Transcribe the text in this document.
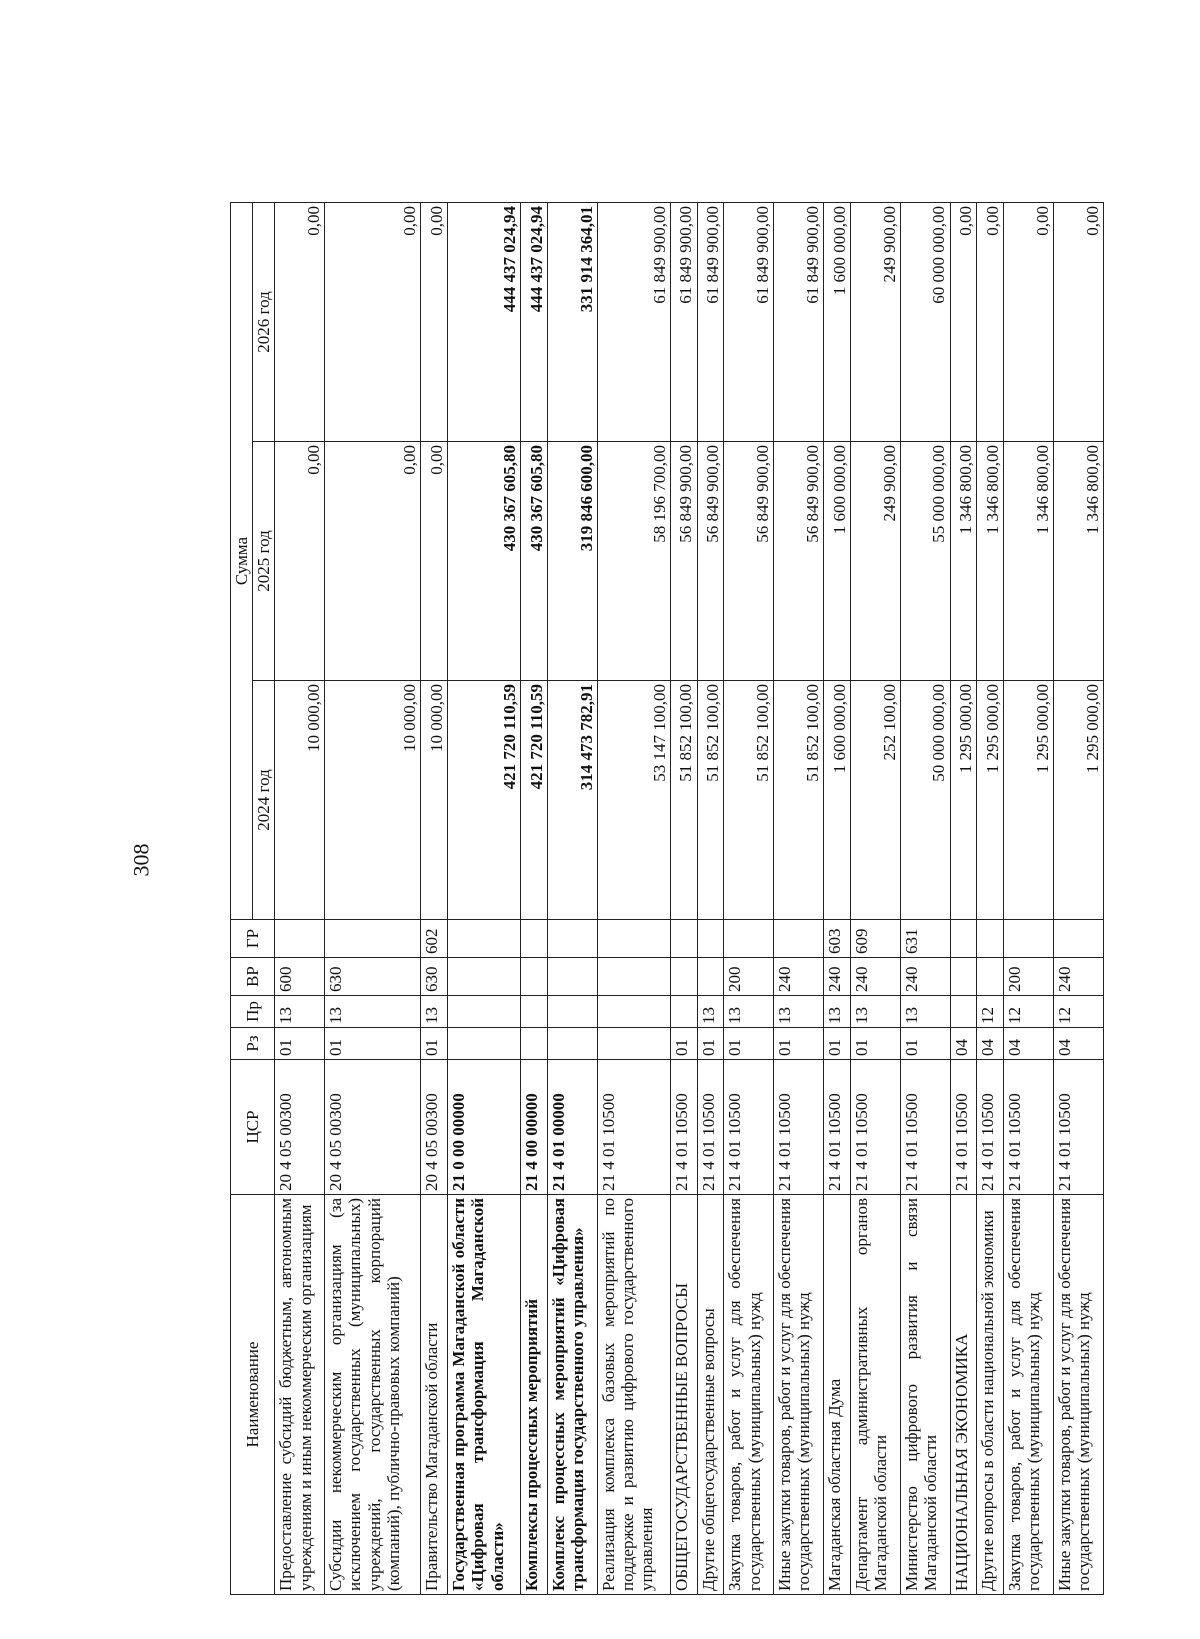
308
Наименование	ЦСР	Рз	Пр	ВР	ГР	Сумма		
						2024 год	2025 год	2026 год
Предоставление субсидий бюджетным, автономным учреждениям и иным некоммерческим организациям	20 4 05 00300	01	13	600		10 000,00	0,00	0,00
Субсидии некоммерческим организациям (за исключением государственных (муниципальных) учреждений, государственных корпораций (компаний), публично-правовых компаний)	20 4 05 00300	01	13	630		10 000,00	0,00	0,00
Правительство Магаданской области	20 4 05 00300	01	13	630	602	10 000,00	0,00	0,00
Государственная программа Магаданской области «Цифровая трансформация Магаданской области»	21 0 00 00000					421 720 110,59	430 367 605,80	444 437 024,94
Комплексы процессных мероприятий	21 4 00 00000					421 720 110,59	430 367 605,80	444 437 024,94
Комплекс процессных мероприятий «Цифровая трансформация государственного управления»	21 4 01 00000					314 473 782,91	319 846 600,00	331 914 364,01
Реализация комплекса базовых мероприятий по поддержке и развитию цифрового государственного управления	21 4 01 10500					53 147 100,00	58 196 700,00	61 849 900,00
ОБЩЕГОСУДАРСТВЕННЫЕ ВОПРОСЫ	21 4 01 10500	01				51 852 100,00	56 849 900,00	61 849 900,00
Другие общегосударственные вопросы	21 4 01 10500	01	13			51 852 100,00	56 849 900,00	61 849 900,00
Закупка товаров, работ и услуг для обеспечения государственных (муниципальных) нужд	21 4 01 10500	01	13	200		51 852 100,00	56 849 900,00	61 849 900,00
Иные закупки товаров, работ и услуг для обеспечения государственных (муниципальных) нужд	21 4 01 10500	01	13	240		51 852 100,00	56 849 900,00	61 849 900,00
Магаданская областная Дума	21 4 01 10500	01	13	240	603	1 600 000,00	1 600 000,00	1 600 000,00
Департамент административных органов Магаданской области	21 4 01 10500	01	13	240	609	252 100,00	249 900,00	249 900,00
Министерство цифрового развития и связи Магаданской области	21 4 01 10500	01	13	240	631	50 000 000,00	55 000 000,00	60 000 000,00
НАЦИОНАЛЬНАЯ ЭКОНОМИКА	21 4 01 10500	04				1 295 000,00	1 346 800,00	0,00
Другие вопросы в области национальной экономики	21 4 01 10500	04	12			1 295 000,00	1 346 800,00	0,00
Закупка товаров, работ и услуг для обеспечения государственных (муниципальных) нужд	21 4 01 10500	04	12	200		1 295 000,00	1 346 800,00	0,00
Иные закупки товаров, работ и услуг для обеспечения государственных (муниципальных) нужд	21 4 01 10500	04	12	240		1 295 000,00	1 346 800,00	0,00
